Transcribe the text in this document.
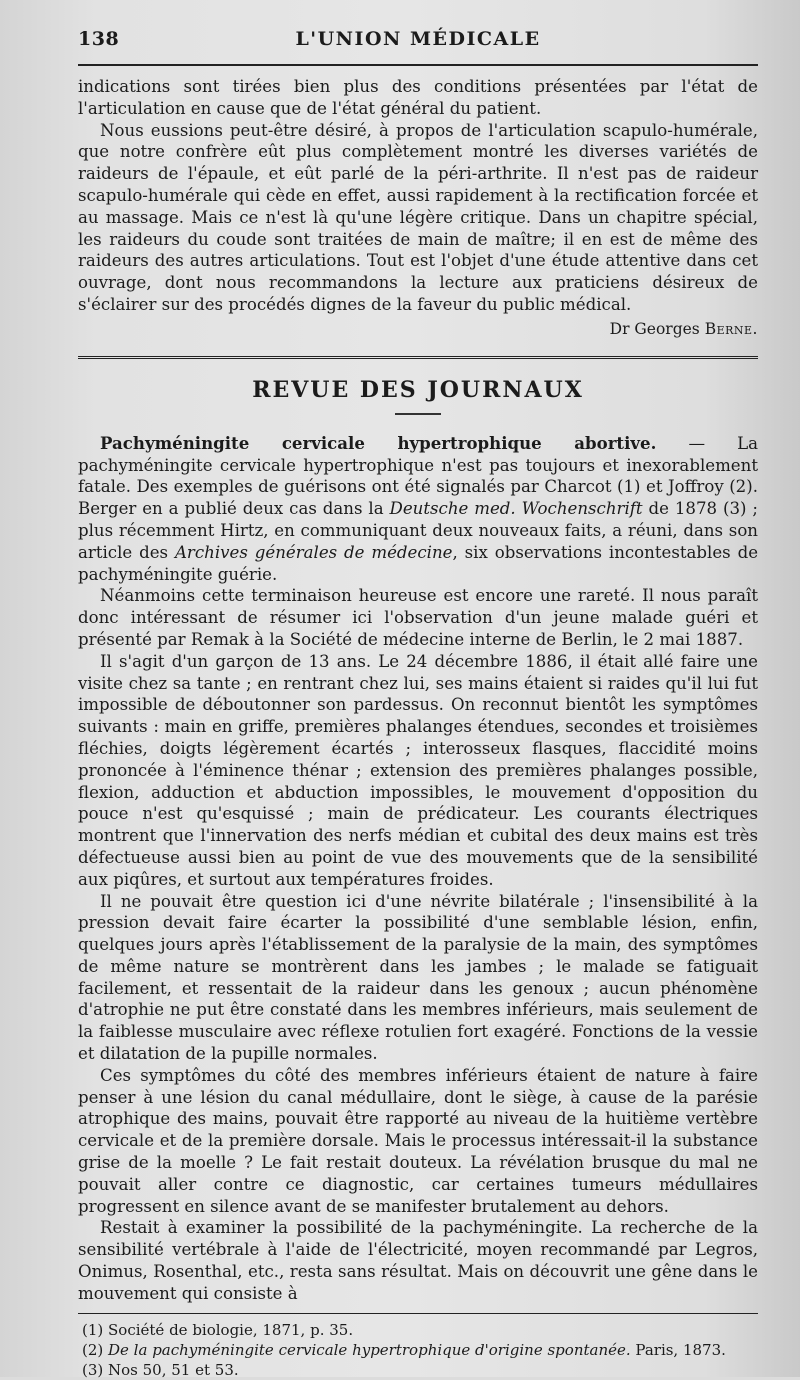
138	L'UNION MÉDICALE

indications sont tirées bien plus des conditions présentées par l'état de l'articulation en cause que de l'état général du patient.

Nous eussions peut-être désiré, à propos de l'articulation scapulo-humérale, que notre confrère eût plus complètement montré les diverses variétés de raideurs de l'épaule, et eût parlé de la péri-arthrite. Il n'est pas de raideur scapulo-humérale qui cède en effet, aussi rapidement à la rectification forcée et au massage. Mais ce n'est là qu'une légère critique. Dans un chapitre spécial, les raideurs du coude sont traitées de main de maître; il en est de même des raideurs des autres articulations. Tout est l'objet d'une étude attentive dans cet ouvrage, dont nous recommandons la lecture aux praticiens désireux de s'éclairer sur des procédés dignes de la faveur du public médical.

Dr Georges Berne.
REVUE DES JOURNAUX

Pachyméningite cervicale hypertrophique abortive. — La pachyméningite cervicale hypertrophique n'est pas toujours et inexorablement fatale. Des exemples de guérisons ont été signalés par Charcot (1) et Joffroy (2). Berger en a publié deux cas dans la Deutsche med. Wochenschrift de 1878 (3) ; plus récemment Hirtz, en communiquant deux nouveaux faits, a réuni, dans son article des Archives générales de médecine, six observations incontestables de pachyméningite guérie.

Néanmoins cette terminaison heureuse est encore une rareté. Il nous paraît donc intéressant de résumer ici l'observation d'un jeune malade guéri et présenté par Remak à la Société de médecine interne de Berlin, le 2 mai 1887.

Il s'agit d'un garçon de 13 ans. Le 24 décembre 1886, il était allé faire une visite chez sa tante ; en rentrant chez lui, ses mains étaient si raides qu'il lui fut impossible de déboutonner son pardessus. On reconnut bientôt les symptômes suivants : main en griffe, premières phalanges étendues, secondes et troisièmes fléchies, doigts légèrement écartés ; interosseux flasques, flaccidité moins prononcée à l'éminence thénar ; extension des premières phalanges possible, flexion, adduction et abduction impossibles, le mouvement d'opposition du pouce n'est qu'esquissé ; main de prédicateur. Les courants électriques montrent que l'innervation des nerfs médian et cubital des deux mains est très défectueuse aussi bien au point de vue des mouvements que de la sensibilité aux piqûres, et surtout aux températures froides.

Il ne pouvait être question ici d'une névrite bilatérale ; l'insensibilité à la pression devait faire écarter la possibilité d'une semblable lésion, enfin, quelques jours après l'établissement de la paralysie de la main, des symptômes de même nature se montrèrent dans les jambes ; le malade se fatiguait facilement, et ressentait de la raideur dans les genoux ; aucun phénomène d'atrophie ne put être constaté dans les membres inférieurs, mais seulement de la faiblesse musculaire avec réflexe rotulien fort exagéré. Fonctions de la vessie et dilatation de la pupille normales.

Ces symptômes du côté des membres inférieurs étaient de nature à faire penser à une lésion du canal médullaire, dont le siège, à cause de la parésie atrophique des mains, pouvait être rapporté au niveau de la huitième vertèbre cervicale et de la première dorsale. Mais le processus intéressait-il la substance grise de la moelle ? Le fait restait douteux. La révélation brusque du mal ne pouvait aller contre ce diagnostic, car certaines tumeurs médullaires progressent en silence avant de se manifester brutalement au dehors.

Restait à examiner la possibilité de la pachyméningite. La recherche de la sensibilité vertébrale à l'aide de l'électricité, moyen recommandé par Legros, Onimus, Rosenthal, etc., resta sans résultat. Mais on découvrit une gêne dans le mouvement qui consiste à

(1) Société de biologie, 1871, p. 35.

(2) De la pachyméningite cervicale hypertrophique d'origine spontanée. Paris, 1873.

(3) Nos 50, 51 et 53.
